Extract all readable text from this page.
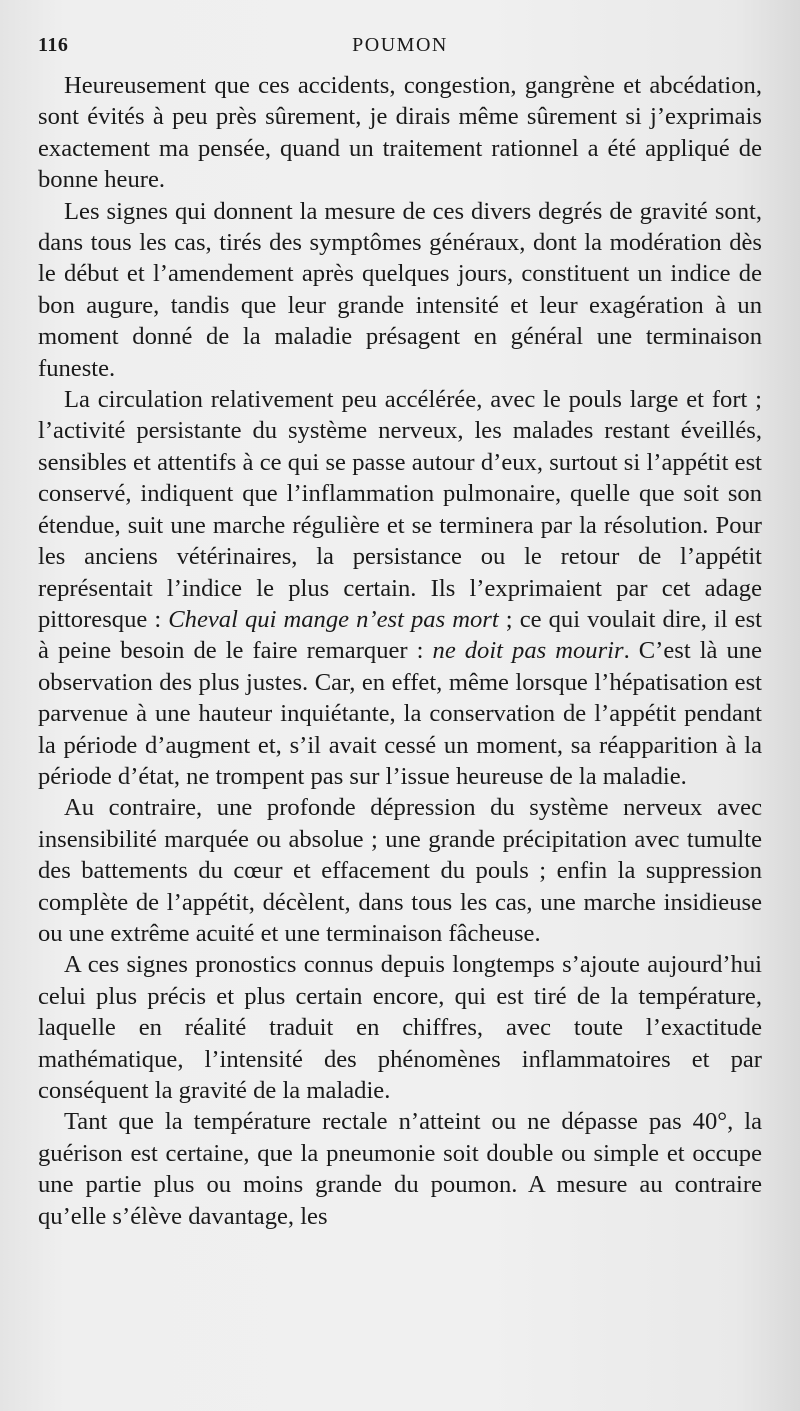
116	POUMON

Heureusement que ces accidents, congestion, gangrène et abcédation, sont évités à peu près sûrement, je dirais même sûrement si j’exprimais exactement ma pensée, quand un traitement rationnel a été appliqué de bonne heure.

Les signes qui donnent la mesure de ces divers degrés de gravité sont, dans tous les cas, tirés des symptômes généraux, dont la modération dès le début et l’amendement après quelques jours, constituent un indice de bon augure, tandis que leur grande intensité et leur exagération à un moment donné de la maladie présagent en général une terminaison funeste.

La circulation relativement peu accélérée, avec le pouls large et fort ; l’activité persistante du système nerveux, les malades restant éveillés, sensibles et attentifs à ce qui se passe autour d’eux, surtout si l’appétit est conservé, indiquent que l’inflammation pulmonaire, quelle que soit son étendue, suit une marche régulière et se terminera par la résolution. Pour les anciens vétérinaires, la persistance ou le retour de l’appétit représentait l’indice le plus certain. Ils l’exprimaient par cet adage pittoresque : Cheval qui mange n’est pas mort ; ce qui voulait dire, il est à peine besoin de le faire remarquer : ne doit pas mourir. C’est là une observation des plus justes. Car, en effet, même lorsque l’hépatisation est parvenue à une hauteur inquiétante, la conservation de l’appétit pendant la période d’augment et, s’il avait cessé un moment, sa réapparition à la période d’état, ne trompent pas sur l’issue heureuse de la maladie.

Au contraire, une profonde dépression du système nerveux avec insensibilité marquée ou absolue ; une grande précipitation avec tumulte des battements du cœur et effacement du pouls ; enfin la suppression complète de l’appétit, décèlent, dans tous les cas, une marche insidieuse ou une extrême acuité et une terminaison fâcheuse.

A ces signes pronostics connus depuis longtemps s’ajoute aujourd’hui celui plus précis et plus certain encore, qui est tiré de la température, laquelle en réalité traduit en chiffres, avec toute l’exactitude mathématique, l’intensité des phénomènes inflammatoires et par conséquent la gravité de la maladie.

Tant que la température rectale n’atteint ou ne dépasse pas 40°, la guérison est certaine, que la pneumonie soit double ou simple et occupe une partie plus ou moins grande du poumon. A mesure au contraire qu’elle s’élève davantage, les
